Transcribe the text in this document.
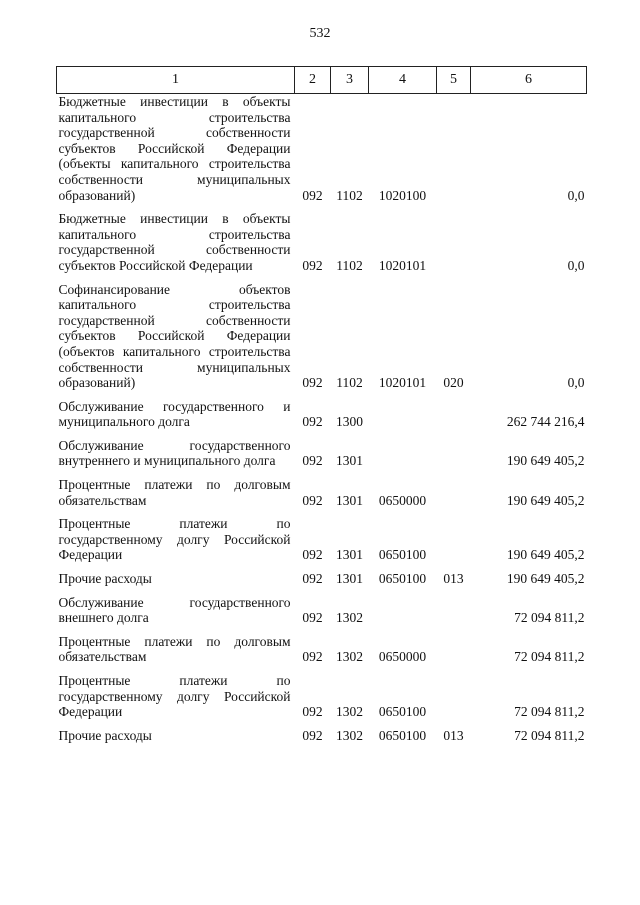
532
1	2	3	4	5	6
Бюджетные инвестиции в объекты капитального строительства государственной собственности субъектов Российской Федерации (объекты капитального строительства собственности муниципальных образований)	092	1102	1020100		0,0

Бюджетные инвестиции в объекты капитального строительства государственной собственности субъектов Российской Федерации	092	1102	1020101		0,0

Софинансирование объектов капитального строительства государственной собственности субъектов Российской Федерации (объектов капитального строительства собственности муниципальных образований)	092	1102	1020101	020	0,0

Обслуживание государственного и муниципального долга	092	1300			262 744 216,4

Обслуживание государственного внутреннего и муниципального долга	092	1301			190 649 405,2

Процентные платежи по долговым обязательствам	092	1301	0650000		190 649 405,2

Процентные платежи по государственному долгу Российской Федерации	092	1301	0650100		190 649 405,2

Прочие расходы	092	1301	0650100	013	190 649 405,2

Обслуживание государственного внешнего долга	092	1302			72 094 811,2

Процентные платежи по долговым обязательствам	092	1302	0650000		72 094 811,2

Процентные платежи по государственному долгу Российской Федерации	092	1302	0650100		72 094 811,2

Прочие расходы	092	1302	0650100	013	72 094 811,2
